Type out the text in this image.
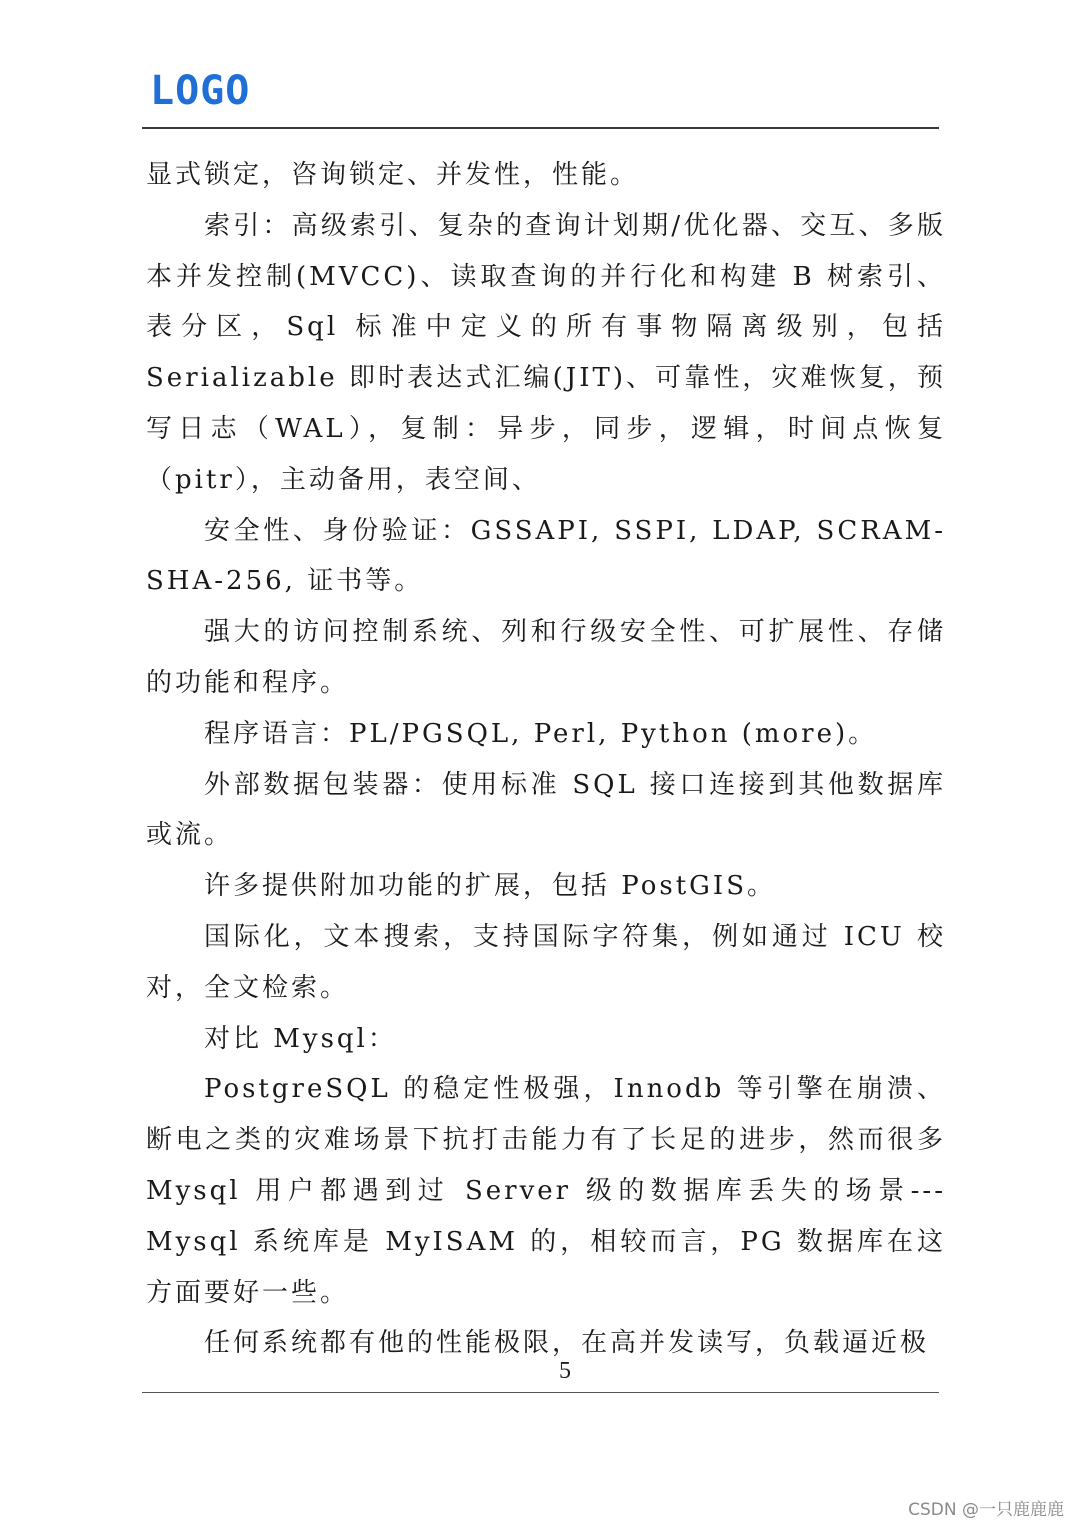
LOGO

显式锁定，咨询锁定、并发性，性能。

索引：高级索引、复杂的查询计划期/优化器、交互、多版本并发控制(MVCC)、读取查询的并行化和构建 B 树索引、表分区，Sql 标准中定义的所有事物隔离级别，包括 Serializable 即时表达式汇编(JIT)、可靠性，灾难恢复，预写日志（WAL），复制：异步，同步，逻辑，时间点恢复（pitr），主动备用，表空间、

安全性、身份验证：GSSAPI, SSPI, LDAP, SCRAM-SHA-256, 证书等。

强大的访问控制系统、列和行级安全性、可扩展性、存储的功能和程序。

程序语言：PL/PGSQL, Perl, Python (more)。

外部数据包装器：使用标准 SQL 接口连接到其他数据库或流。

许多提供附加功能的扩展，包括 PostGIS。

国际化，文本搜索，支持国际字符集，例如通过 ICU 校对，全文检索。

对比 Mysql：

PostgreSQL 的稳定性极强，Innodb 等引擎在崩溃、断电之类的灾难场景下抗打击能力有了长足的进步，然而很多 Mysql 用户都遇到过 Server 级的数据库丢失的场景---Mysql 系统库是 MyISAM 的，相较而言，PG 数据库在这方面要好一些。

任何系统都有他的性能极限，在高并发读写，负载逼近极

5
CSDN @一只鹿鹿鹿
